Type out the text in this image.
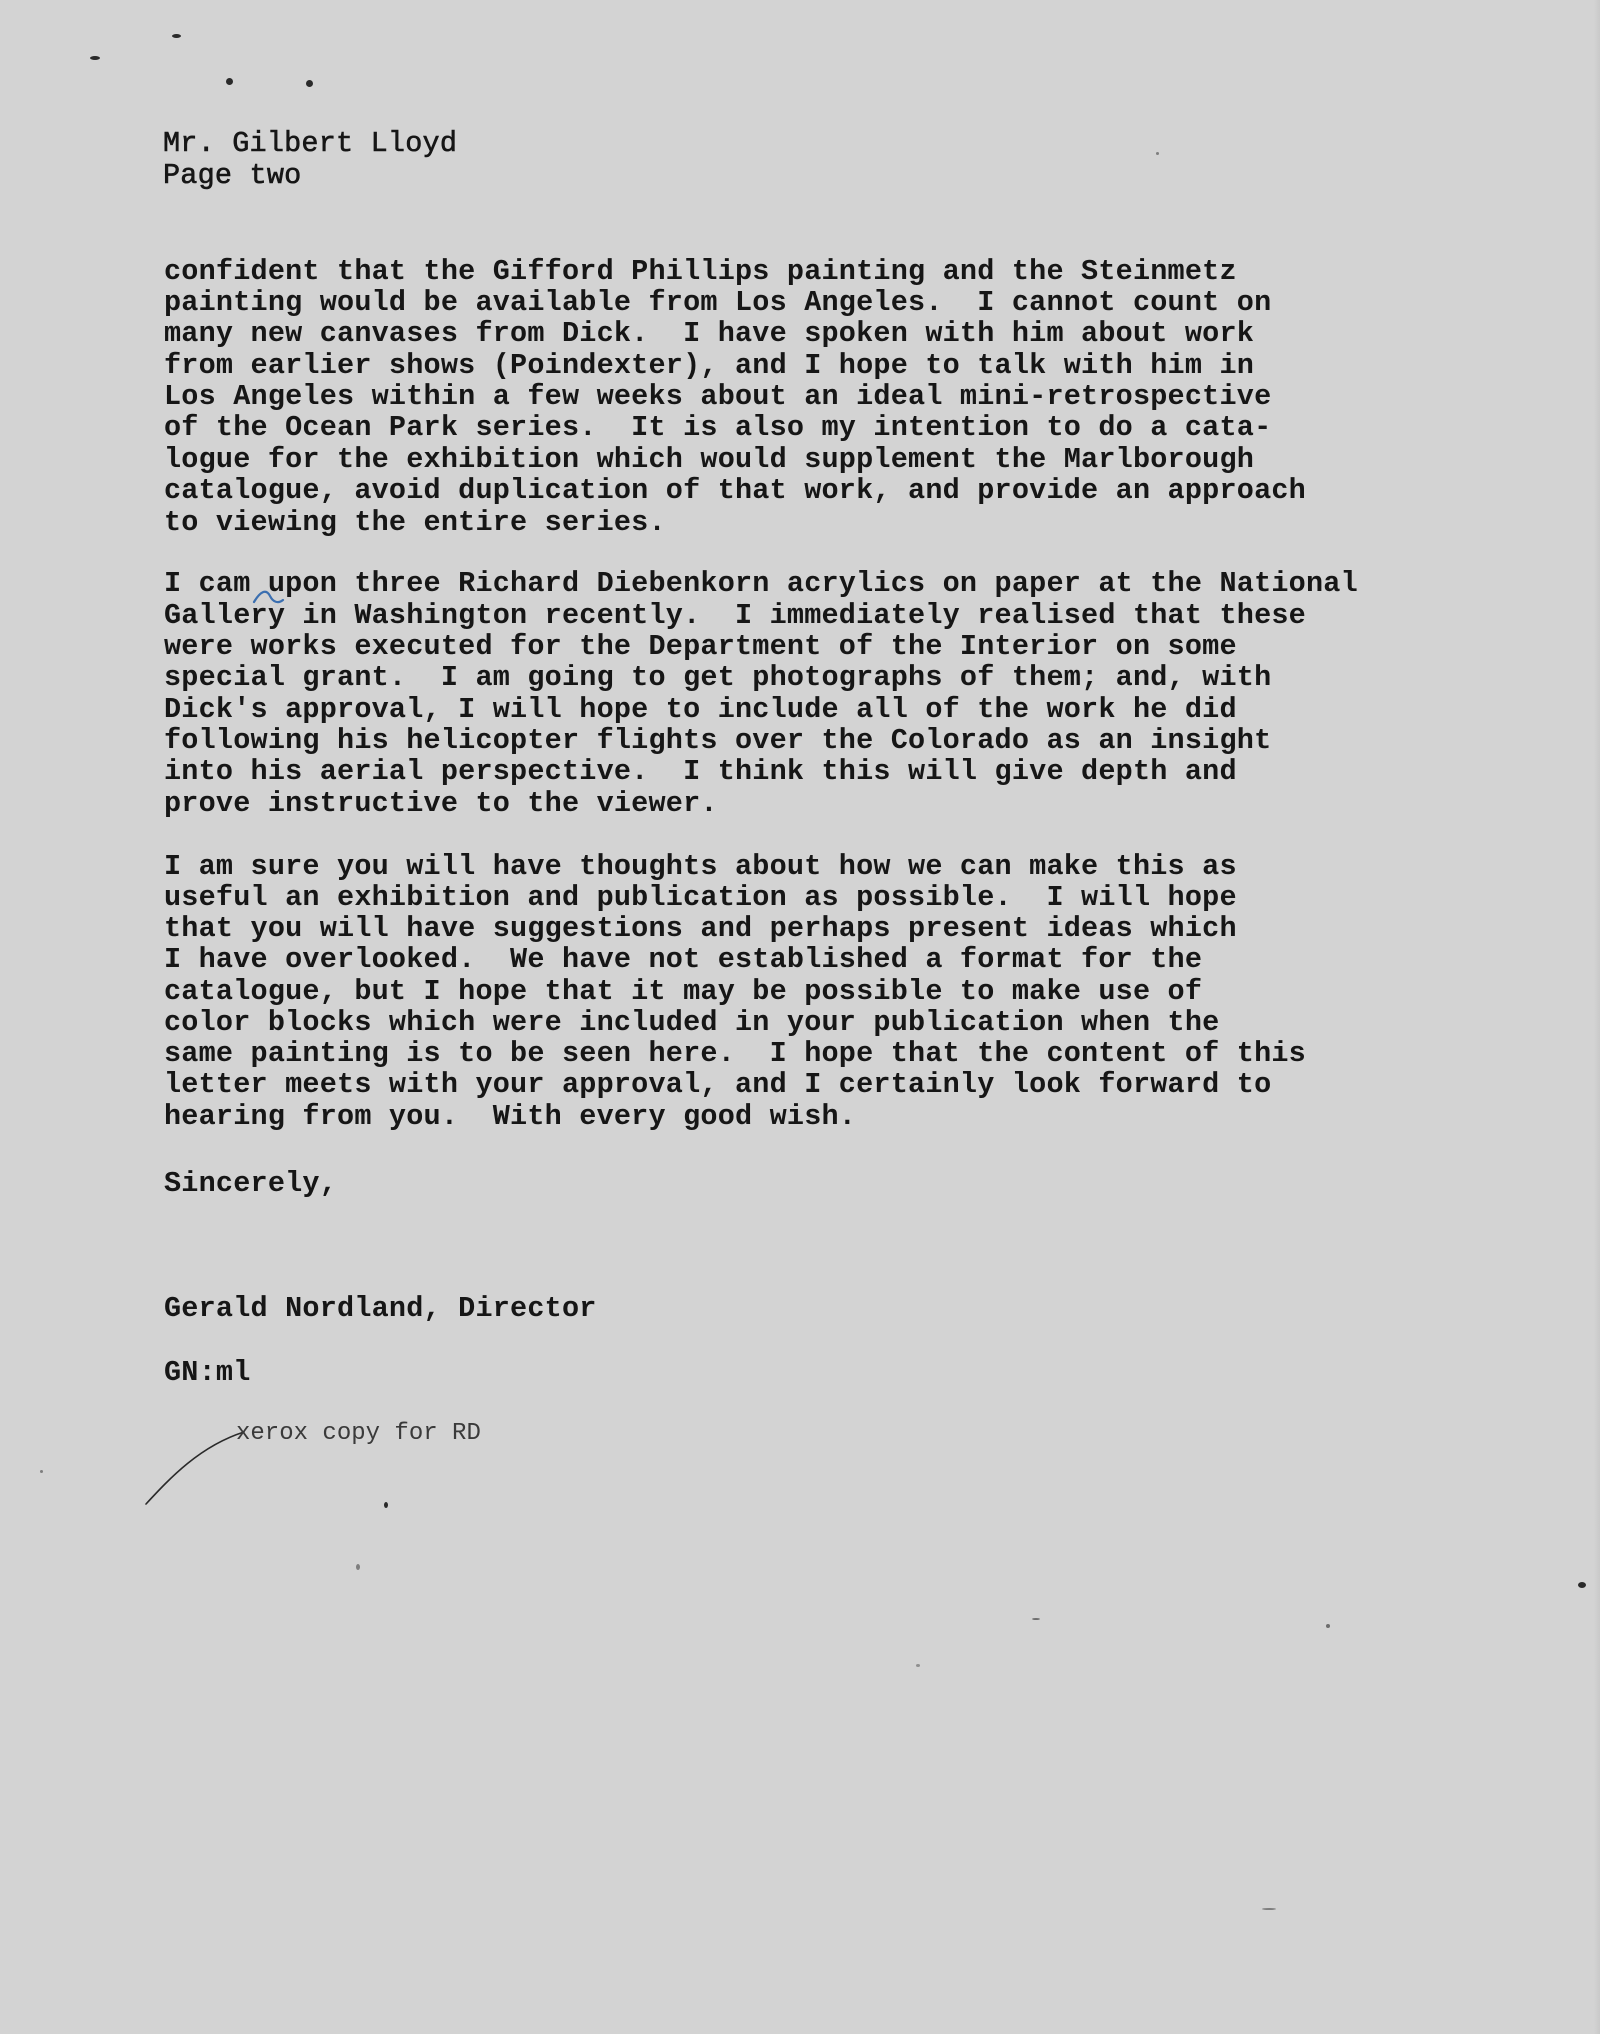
Mr. Gilbert Lloyd

Page two

confident that the Gifford Phillips painting and the Steinmetz

painting would be available from Los Angeles.  I cannot count on

many new canvases from Dick.  I have spoken with him about work

from earlier shows (Poindexter), and I hope to talk with him in

Los Angeles within a few weeks about an ideal mini-retrospective

of the Ocean Park series.  It is also my intention to do a cata-

logue for the exhibition which would supplement the Marlborough

catalogue, avoid duplication of that work, and provide an approach

to viewing the entire series.

I cam upon three Richard Diebenkorn acrylics on paper at the National

Gallery in Washington recently.  I immediately realised that these

were works executed for the Department of the Interior on some

special grant.  I am going to get photographs of them; and, with

Dick's approval, I will hope to include all of the work he did

following his helicopter flights over the Colorado as an insight

into his aerial perspective.  I think this will give depth and

prove instructive to the viewer.

I am sure you will have thoughts about how we can make this as

useful an exhibition and publication as possible.  I will hope

that you will have suggestions and perhaps present ideas which

I have overlooked.  We have not established a format for the

catalogue, but I hope that it may be possible to make use of

color blocks which were included in your publication when the

same painting is to be seen here.  I hope that the content of this

letter meets with your approval, and I certainly look forward to

hearing from you.  With every good wish.

Sincerely,

Gerald Nordland, Director

GN:ml

xerox copy for RD
